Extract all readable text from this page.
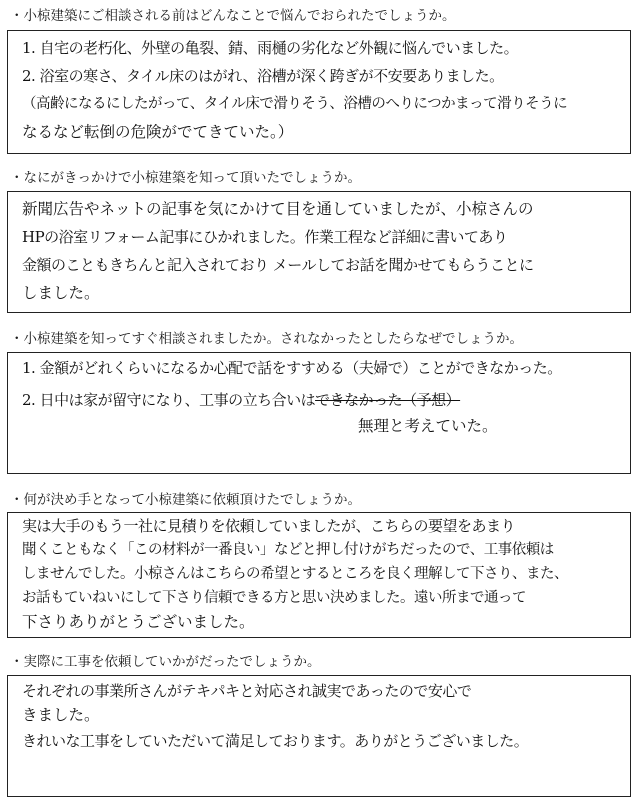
・小椋建築にご相談される前はどんなことで悩んでおられたでしょうか。
1. 自宅の老朽化、外壁の亀裂、錆、雨樋の劣化など外観に悩んでいました。
2. 浴室の寒さ、タイル床のはがれ、浴槽が深く跨ぎが不安要ありました。
（高齢になるにしたがって、タイル床で滑りそう、浴槽のへりにつかまって滑りそうに
なるなど転倒の危険がでてきていた。）
・なにがきっかけで小椋建築を知って頂いたでしょうか。
新聞広告やネットの記事を気にかけて目を通していましたが、小椋さんの
HPの浴室リフォーム記事にひかれました。作業工程など詳細に書いてあり
金額のこともきちんと記入されており メールしてお話を聞かせてもらうことに
しました。
・小椋建築を知ってすぐ相談されましたか。されなかったとしたらなぜでしょうか。
1. 金額がどれくらいになるか心配で話をすすめる（夫婦で）ことができなかった。
2. 日中は家が留守になり、工事の立ち合いはできなかった（予想）
無理と考えていた。
・何が決め手となって小椋建築に依頼頂けたでしょうか。
実は大手のもう一社に見積りを依頼していましたが、こちらの要望をあまり
聞くこともなく「この材料が一番良い」などと押し付けがちだったので、工事依頼は
しませんでした。小椋さんはこちらの希望とするところを良く理解して下さり、また、
お話もていねいにして下さり信頼できる方と思い決めました。遠い所まで通って
下さりありがとうございました。
・実際に工事を依頼していかがだったでしょうか。
それぞれの事業所さんがテキパキと対応され誠実であったので安心で
きました。
きれいな工事をしていただいて満足しております。ありがとうございました。
